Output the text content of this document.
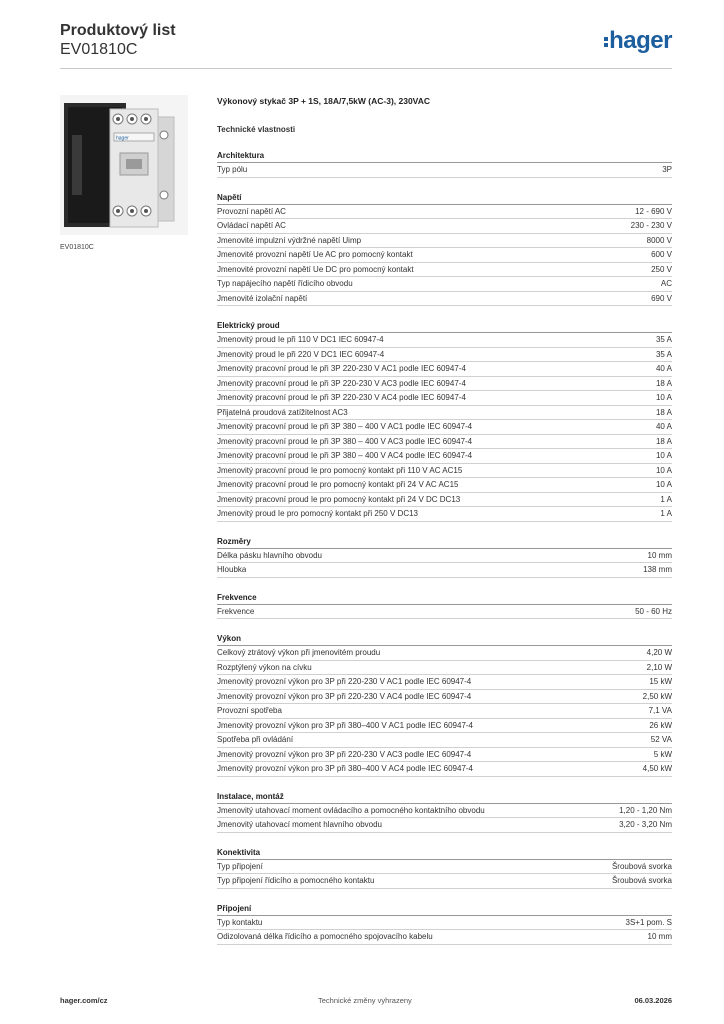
Produktový list
EV01810C	hager
hager
EV01810C
Výkonový stykač 3P + 1S, 18A/7,5kW (AC-3), 230VAC
Technické vlastnosti
Architektura
Typ pólu	3P
Napětí
Provozní napětí AC	12 - 690 V
Ovládací napětí AC	230 - 230 V
Jmenovité impulzní výdržné napětí Uimp	8000 V
Jmenovité provozní napětí Ue AC pro pomocný kontakt	600 V
Jmenovité provozní napětí Ue DC pro pomocný kontakt	250 V
Typ napájecího napětí řídicího obvodu	AC
Jmenovité izolační napětí	690 V
Elektrický proud
Jmenovitý proud Ie při 110 V DC1 IEC 60947-4	35 A
Jmenovitý proud Ie při 220 V DC1 IEC 60947-4	35 A
Jmenovitý pracovní proud Ie při 3P 220-230 V AC1 podle IEC 60947-4	40 A
Jmenovitý pracovní proud Ie při 3P 220-230 V AC3 podle IEC 60947-4	18 A
Jmenovitý pracovní proud Ie při 3P 220-230 V AC4 podle IEC 60947-4	10 A
Přijatelná proudová zatížitelnost AC3	18 A
Jmenovitý pracovní proud Ie při 3P 380 – 400 V AC1 podle IEC 60947-4	40 A
Jmenovitý pracovní proud Ie při 3P 380 – 400 V AC3 podle IEC 60947-4	18 A
Jmenovitý pracovní proud Ie při 3P 380 – 400 V AC4 podle IEC 60947-4	10 A
Jmenovitý pracovní proud Ie pro pomocný kontakt při 110 V AC AC15	10 A
Jmenovitý pracovní proud Ie pro pomocný kontakt při 24 V AC AC15	10 A
Jmenovitý pracovní proud Ie pro pomocný kontakt při 24 V DC DC13	1 A
Jmenovitý proud Ie pro pomocný kontakt při 250 V DC13	1 A
Rozměry
Délka pásku hlavního obvodu	10 mm
Hloubka	138 mm
Frekvence
Frekvence	50 - 60 Hz
Výkon
Celkový ztrátový výkon při jmenovitém proudu	4,20 W
Rozptýlený výkon na cívku	2,10 W
Jmenovitý provozní výkon pro 3P při 220-230 V AC1 podle IEC 60947-4	15 kW
Jmenovitý provozní výkon pro 3P při 220-230 V AC4 podle IEC 60947-4	2,50 kW
Provozní spotřeba	7,1 VA
Jmenovitý provozní výkon pro 3P při 380–400 V AC1 podle IEC 60947-4	26 kW
Spotřeba při ovládání	52 VA
Jmenovitý provozní výkon pro 3P při 220-230 V AC3 podle IEC 60947-4	5 kW
Jmenovitý provozní výkon pro 3P při 380–400 V AC4 podle IEC 60947-4	4,50 kW
Instalace, montáž
Jmenovitý utahovací moment ovládacího a pomocného kontaktního obvodu	1,20 - 1,20 Nm
Jmenovitý utahovací moment hlavního obvodu	3,20 - 3,20 Nm
Konektivita
Typ připojení	Šroubová svorka
Typ připojení řídicího a pomocného kontaktu	Šroubová svorka
Připojení
Typ kontaktu	3S+1 pom. S
Odizolovaná délka řídicího a pomocného spojovacího kabelu	10 mm
hager.com/cz	Technické změny vyhrazeny	06.03.2026
